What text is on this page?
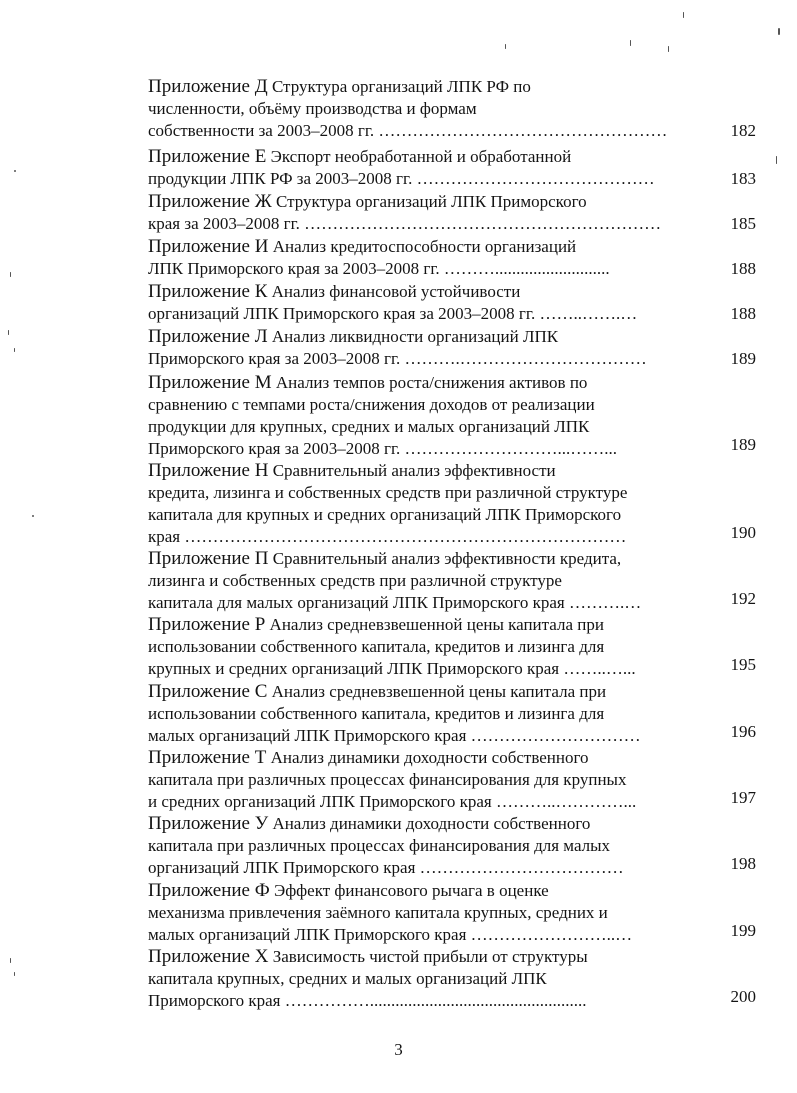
Приложение Д Структура организаций ЛПК РФ по
численности, объёму производства и формам
собственности за 2003–2008 гг. ……………………………………………	182
Приложение Е Экспорт необработанной и обработанной
продукции ЛПК РФ за 2003–2008 гг. ……………………………………	183
Приложение Ж Структура организаций ЛПК Приморского
края за 2003–2008 гг. ………………………………………………………	185
Приложение И Анализ кредитоспособности организаций
ЛПК Приморского края за 2003–2008 гг. ………...........................	188
Приложение К Анализ финансовой устойчивости
организаций ЛПК Приморского края за 2003–2008 гг. ……..…….…	188
Приложение Л Анализ ликвидности организаций ЛПК
Приморского края за 2003–2008 гг. ……….……………………………	189
Приложение М Анализ темпов роста/снижения активов по
сравнению с темпами роста/снижения доходов от реализации
продукции для крупных, средних и малых организаций ЛПК
Приморского края за 2003–2008 гг. ………………………...……...	189
Приложение Н Сравнительный анализ эффективности
кредита, лизинга и собственных средств при различной структуре
капитала для крупных и средних организаций ЛПК Приморского
края ……………………………………………………………………	190
Приложение П Сравнительный анализ эффективности кредита,
лизинга и собственных средств при различной структуре
капитала для малых организаций ЛПК Приморского края ……….…	192
Приложение Р Анализ средневзвешенной цены капитала при
использовании собственного капитала, кредитов и лизинга для
крупных и средних организаций ЛПК Приморского края ……..…...	195
Приложение С Анализ средневзвешенной цены капитала при
использовании собственного капитала, кредитов и лизинга для
малых организаций ЛПК Приморского края …………………………	196
Приложение Т Анализ динамики доходности собственного
капитала при различных процессах финансирования для крупных
и средних организаций ЛПК Приморского края ………..…………...	197
Приложение У Анализ динамики доходности собственного
капитала при различных процессах финансирования для малых
организаций ЛПК Приморского края ………………………………	198
Приложение Ф Эффект финансового рычага в оценке
механизма привлечения заёмного капитала крупных, средних и
малых организаций ЛПК Приморского края ……………………..…	199
Приложение Х Зависимость чистой прибыли от структуры
капитала крупных, средних и малых организаций ЛПК
Приморского края ……………...................................................	200
3
